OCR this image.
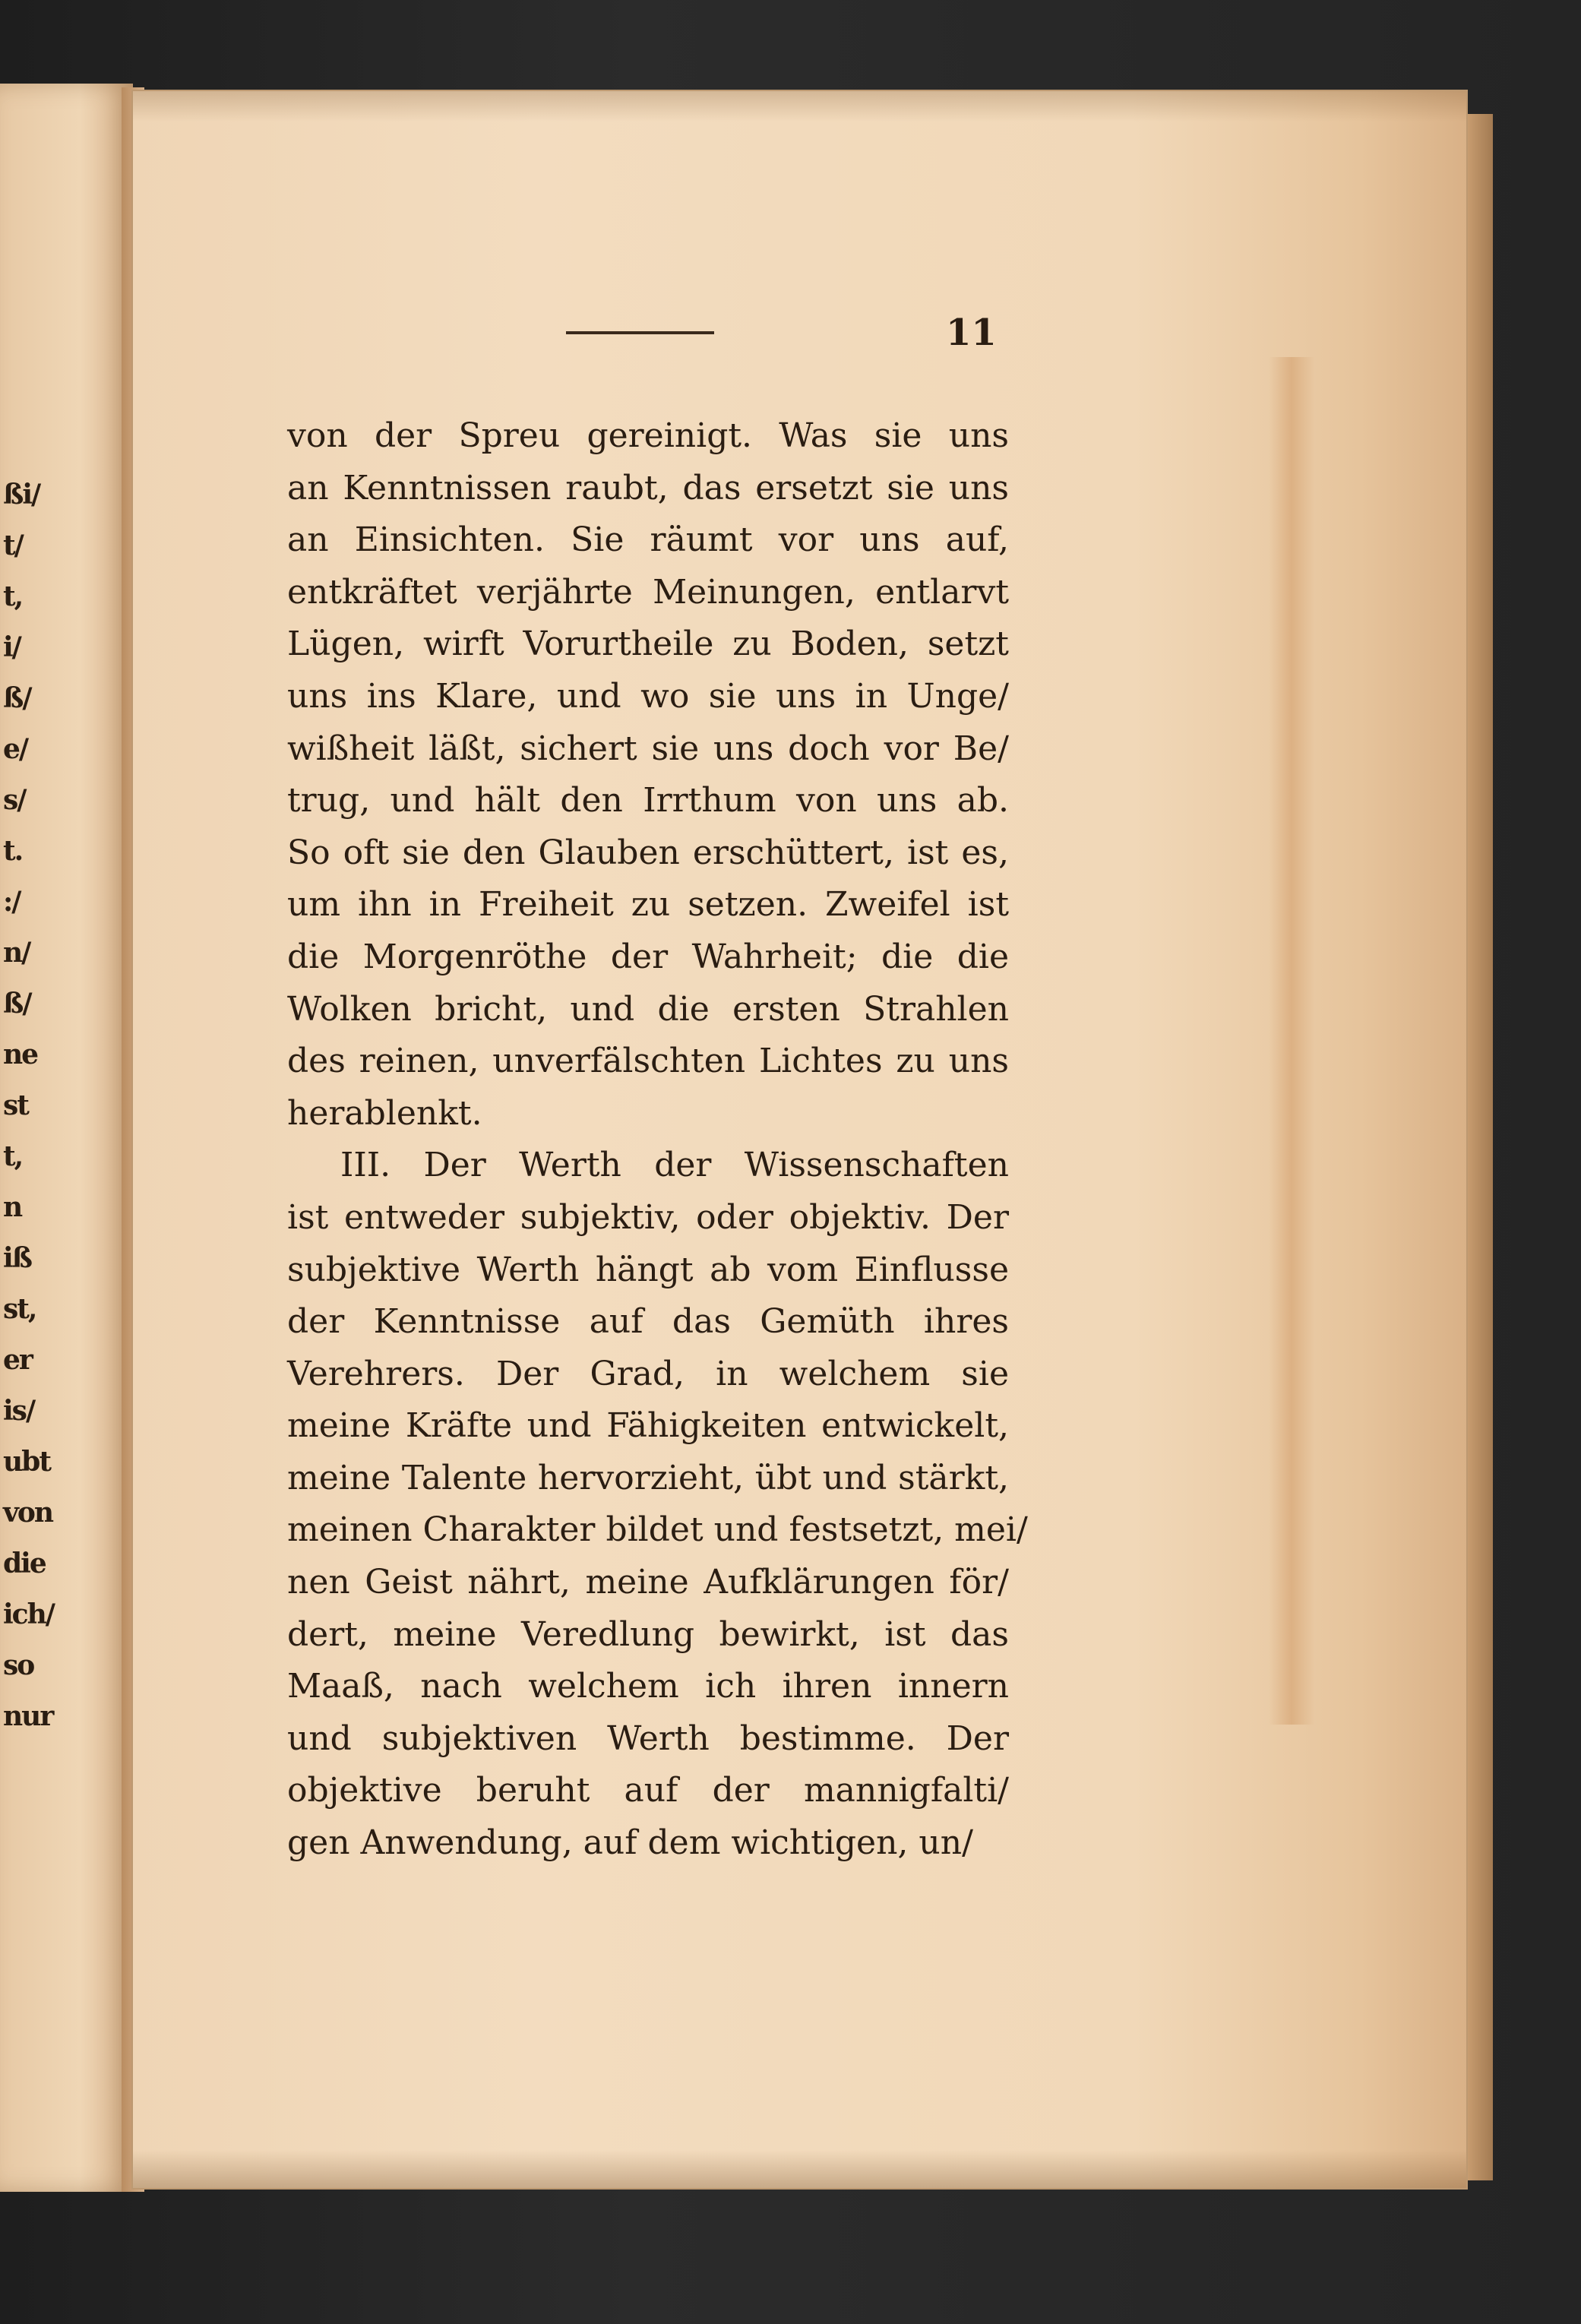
ßi/
t/
t,
i/
ß/
e/
s/
t.
:/
n/
ß/
ne
st
t,
n
iß
st,
er
is/
ubt
von
die
ich/
so
nur
11
von der Spreu gereinigt. Was sie uns
an Kenntnissen raubt, das ersetzt sie uns
an Einsichten. Sie räumt vor uns auf,
entkräftet verjährte Meinungen, entlarvt
Lügen, wirft Vorurtheile zu Boden, setzt
uns ins Klare, und wo sie uns in Unge/
wißheit läßt, sichert sie uns doch vor Be/
trug, und hält den Irrthum von uns ab.
So oft sie den Glauben erschüttert, ist es,
um ihn in Freiheit zu setzen. Zweifel ist
die Morgenröthe der Wahrheit; die die
Wolken bricht, und die ersten Strahlen
des reinen, unverfälschten Lichtes zu uns
herablenkt.
III. Der Werth der Wissenschaften
ist entweder subjektiv, oder objektiv. Der
subjektive Werth hängt ab vom Einflusse
der Kenntnisse auf das Gemüth ihres
Verehrers. Der Grad, in welchem sie
meine Kräfte und Fähigkeiten entwickelt,
meine Talente hervorzieht, übt und stärkt,
meinen Charakter bildet und festsetzt, mei/
nen Geist nährt, meine Aufklärungen för/
dert, meine Veredlung bewirkt, ist das
Maaß, nach welchem ich ihren innern
und subjektiven Werth bestimme. Der
objektive beruht auf der mannigfalti/
gen Anwendung, auf dem wichtigen, un/
